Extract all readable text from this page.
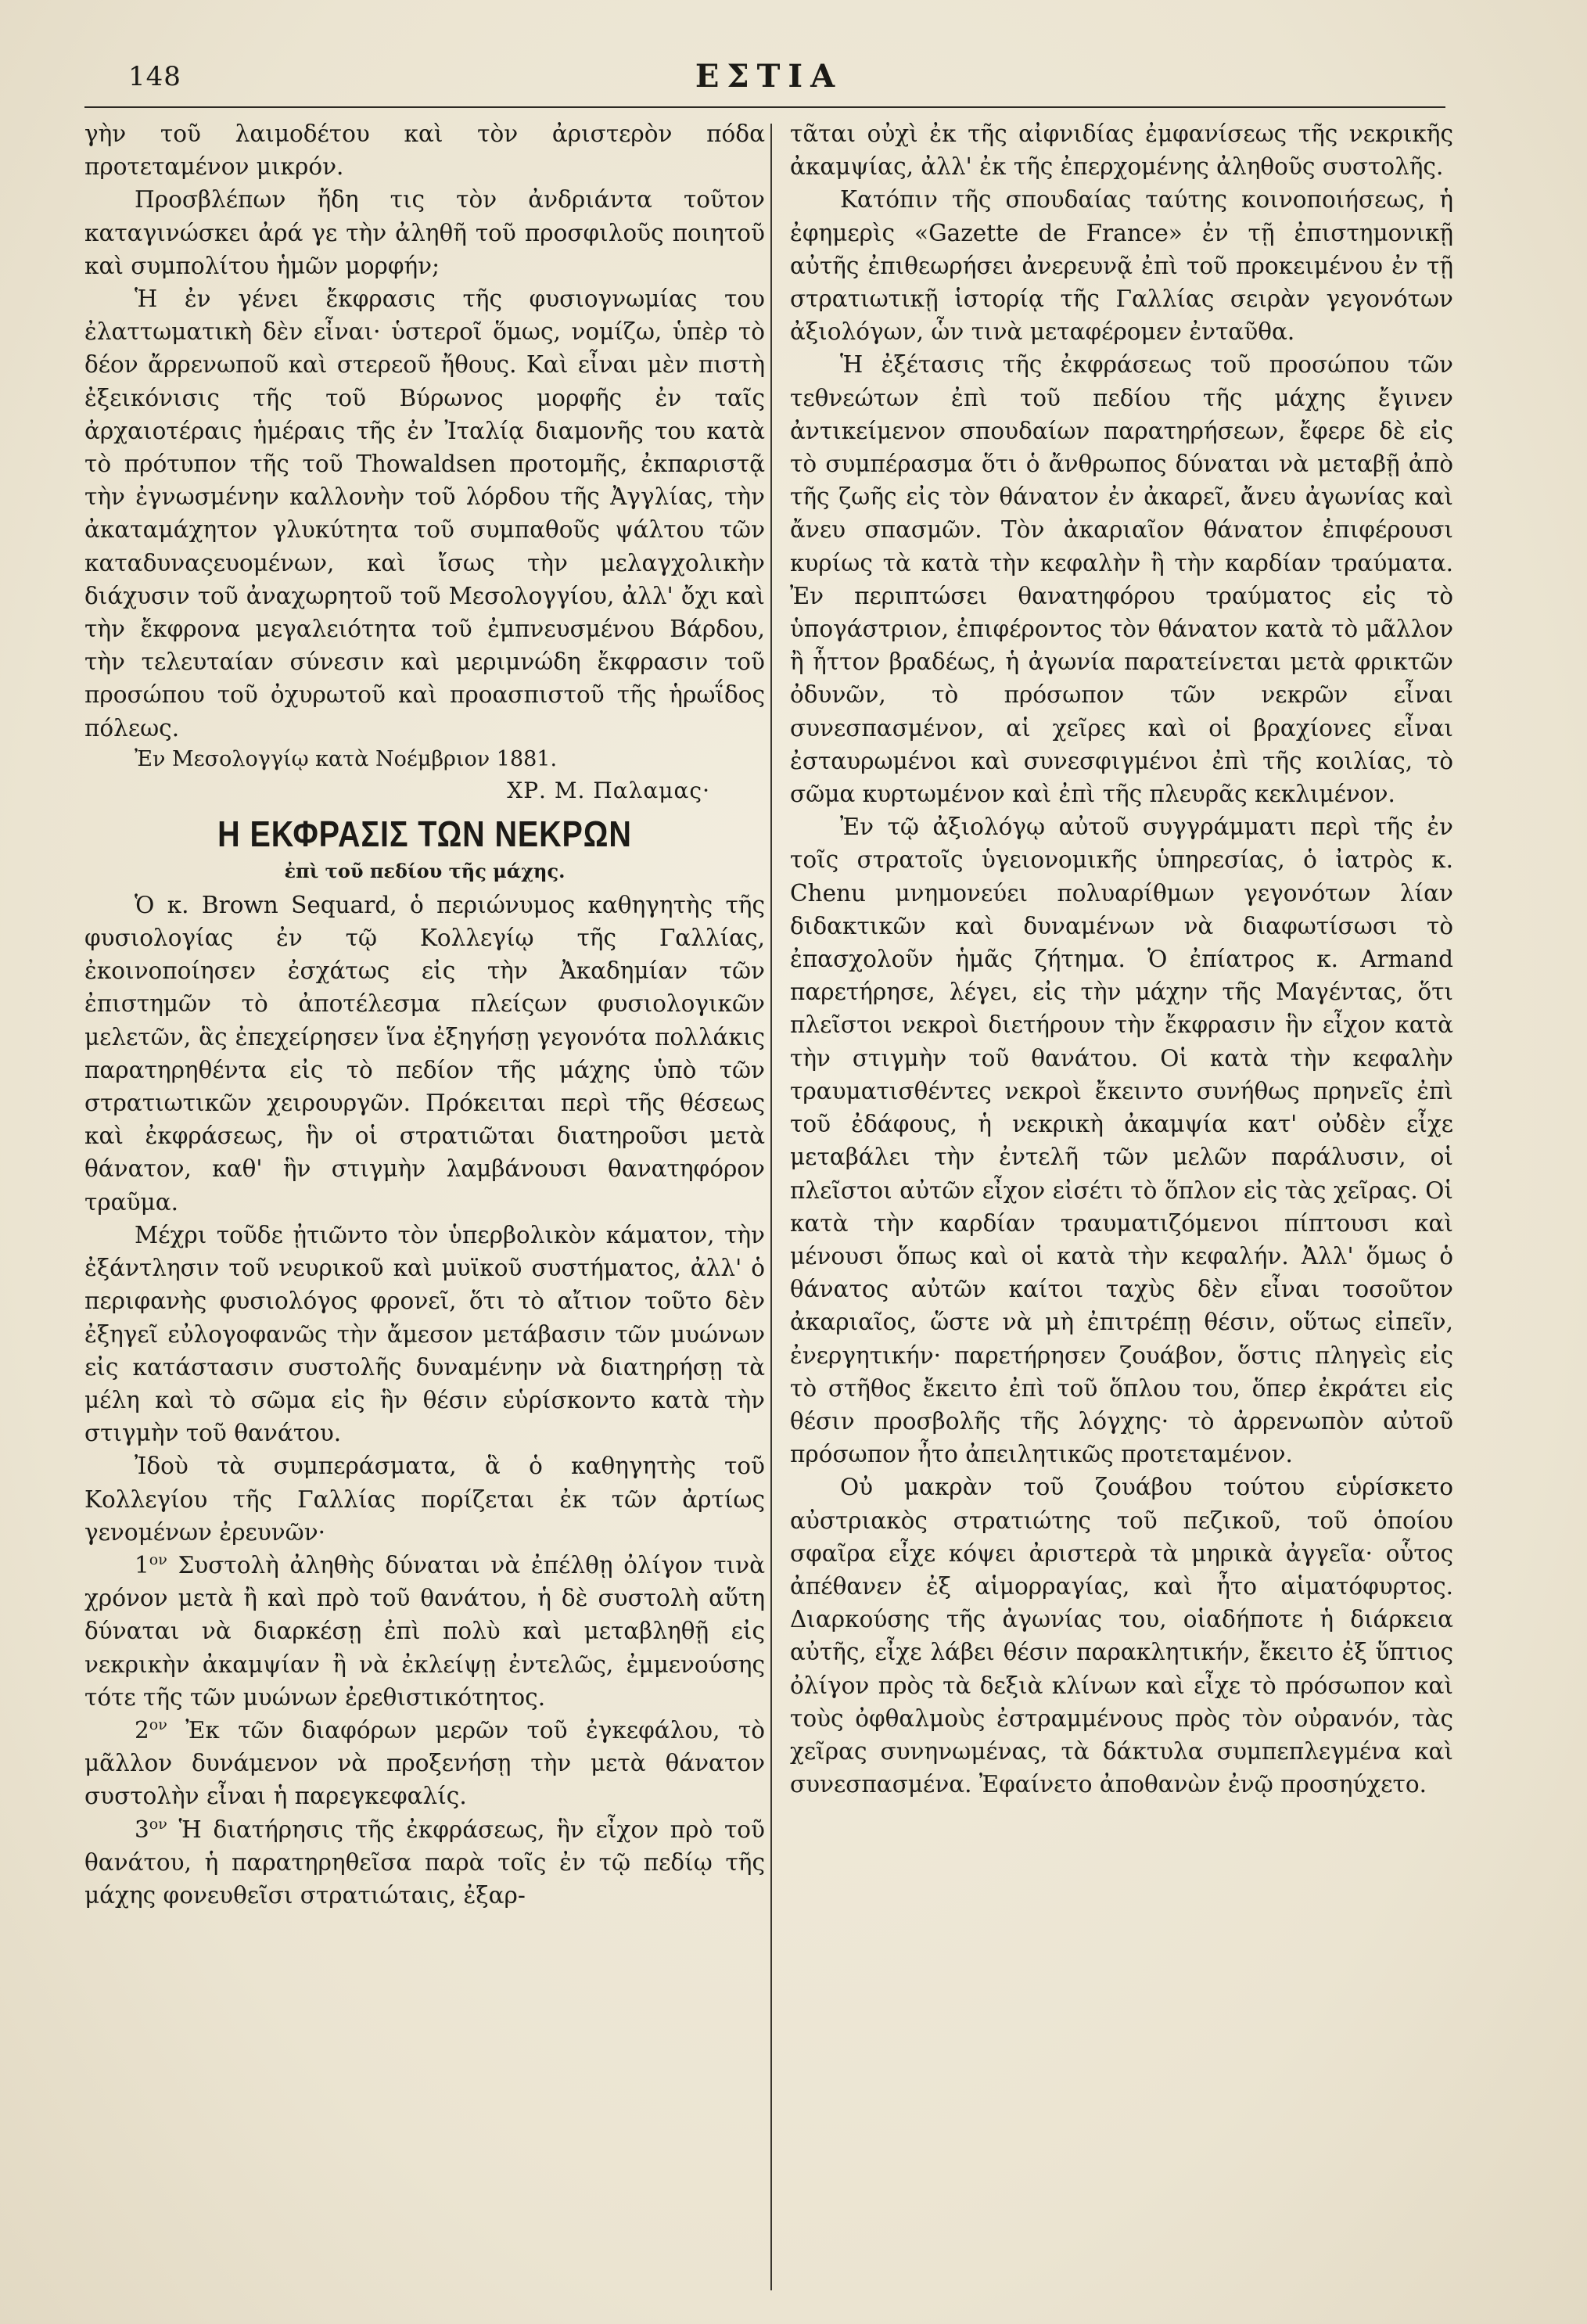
148	ΕΣΤΙΑ

γὴν τοῦ λαιμοδέτου καὶ τὸν ἀριστερὸν πόδα προτεταμένον μικρόν.

Προσβλέπων ἤδη τις τὸν ἀνδριάντα τοῦτον καταγινώσκει ἀρά γε τὴν ἀληθῆ τοῦ προσφιλοῦς ποιητοῦ καὶ συμπολίτου ἡμῶν μορφήν;

Ἡ ἐν γένει ἔκφρασις τῆς φυσιογνωμίας του ἐλαττωματικὴ δὲν εἶναι· ὑστεροῖ ὅμως, νομίζω, ὑπὲρ τὸ δέον ἄρρενωποῦ καὶ στερεοῦ ἤθους. Καὶ εἶναι μὲν πιστὴ ἐξεικόνισις τῆς τοῦ Βύρωνος μορφῆς ἐν ταῖς ἀρχαιοτέραις ἡμέραις τῆς ἐν Ἰταλίᾳ διαμονῆς του κατὰ τὸ πρότυπον τῆς τοῦ Thowaldsen προτομῆς, ἐκπαριστᾷ τὴν ἐγνωσμένην καλλονὴν τοῦ λόρδου τῆς Ἀγγλίας, τὴν ἀκαταμάχητον γλυκύτητα τοῦ συμπαθοῦς ψάλτου τῶν καταδυναςευομένων, καὶ ἴσως τὴν μελαγχολικὴν διάχυσιν τοῦ ἀναχωρητοῦ τοῦ Μεσολογγίου, ἀλλ' ὄχι καὶ τὴν ἔκφρονα μεγαλειότητα τοῦ ἐμπνευσμένου Βάρδου, τὴν τελευταίαν σύνεσιν καὶ μεριμνώδη ἔκφρασιν τοῦ προσώπου τοῦ ὀχυρωτοῦ καὶ προασπιστοῦ τῆς ἡρωΐδος πόλεως.

Ἐν Μεσολογγίῳ κατὰ Νοέμβριον 1881.

ΧΡ. Μ. Παλαμας·
Η ΕΚΦΡΑΣΙΣ ΤΩΝ ΝΕΚΡΩΝ
ἐπὶ τοῦ πεδίου τῆς μάχης.

Ὁ κ. Brown Sequard, ὁ περιώνυμος καθηγητὴς τῆς φυσιολογίας ἐν τῷ Κολλεγίῳ τῆς Γαλλίας, ἐκοινοποίησεν ἐσχάτως εἰς τὴν Ἀκαδημίαν τῶν ἐπιστημῶν τὸ ἀποτέλεσμα πλείςων φυσιολογικῶν μελετῶν, ἃς ἐπεχείρησεν ἵνα ἐξηγήσῃ γεγονότα πολλάκις παρατηρηθέντα εἰς τὸ πεδίον τῆς μάχης ὑπὸ τῶν στρατιωτικῶν χειρουργῶν. Πρόκειται περὶ τῆς θέσεως καὶ ἐκφράσεως, ἣν οἱ στρατιῶται διατηροῦσι μετὰ θάνατον, καθ' ἣν στιγμὴν λαμβάνουσι θανατηφόρον τραῦμα.

Μέχρι τοῦδε ᾐτιῶντο τὸν ὑπερβολικὸν κάματον, τὴν ἐξάντλησιν τοῦ νευρικοῦ καὶ μυϊκοῦ συστήματος, ἀλλ' ὁ περιφανὴς φυσιολόγος φρονεῖ, ὅτι τὸ αἴτιον τοῦτο δὲν ἐξηγεῖ εὐλογοφανῶς τὴν ἄμεσον μετάβασιν τῶν μυώνων εἰς κατάστασιν συστολῆς δυναμένην νὰ διατηρήσῃ τὰ μέλη καὶ τὸ σῶμα εἰς ἣν θέσιν εὑρίσκοντο κατὰ τὴν στιγμὴν τοῦ θανάτου.

Ἰδοὺ τὰ συμπεράσματα, ἃ ὁ καθηγητὴς τοῦ Κολλεγίου τῆς Γαλλίας πορίζεται ἐκ τῶν ἀρτίως γενομένων ἐρευνῶν·

$1^{o\nu}$ Συστολὴ ἀληθὴς δύναται νὰ ἐπέλθῃ ὀλίγον τινὰ χρόνον μετὰ ἢ καὶ πρὸ τοῦ θανάτου, ἡ δὲ συστολὴ αὕτη δύναται νὰ διαρκέσῃ ἐπὶ πολὺ καὶ μεταβληθῇ εἰς νεκρικὴν ἀκαμψίαν ἢ νὰ ἐκλείψῃ ἐντελῶς, ἐμμενούσης τότε τῆς τῶν μυώνων ἐρεθιστικότητος.

$2^{o\nu}$ Ἐκ τῶν διαφόρων μερῶν τοῦ ἐγκεφάλου, τὸ μᾶλλον δυνάμενον νὰ προξενήσῃ τὴν μετὰ θάνατον συστολὴν εἶναι ἡ παρεγκεφαλίς.

$3^{o\nu}$ Ἡ διατήρησις τῆς ἐκφράσεως, ἣν εἶχον πρὸ τοῦ θανάτου, ἡ παρατηρηθεῖσα παρὰ τοῖς ἐν τῷ πεδίῳ τῆς μάχης φονευθεῖσι στρατιώταις, ἐξαρ-

τᾶται οὐχὶ ἐκ τῆς αἰφνιδίας ἐμφανίσεως τῆς νεκρικῆς ἀκαμψίας, ἀλλ' ἐκ τῆς ἐπερχομένης ἀληθοῦς συστολῆς.

Κατόπιν τῆς σπουδαίας ταύτης κοινοποιήσεως, ἡ ἐφημερὶς «Gazette de France» ἐν τῇ ἐπιστημονικῇ αὐτῆς ἐπιθεωρήσει ἀνερευνᾷ ἐπὶ τοῦ προκειμένου ἐν τῇ στρατιωτικῇ ἱστορίᾳ τῆς Γαλλίας σειρὰν γεγονότων ἀξιολόγων, ὧν τινὰ μεταφέρομεν ἐνταῦθα.

Ἡ ἐξέτασις τῆς ἐκφράσεως τοῦ προσώπου τῶν τεθνεώτων ἐπὶ τοῦ πεδίου τῆς μάχης ἔγινεν ἀντικείμενον σπουδαίων παρατηρήσεων, ἔφερε δὲ εἰς τὸ συμπέρασμα ὅτι ὁ ἄνθρωπος δύναται νὰ μεταβῇ ἀπὸ τῆς ζωῆς εἰς τὸν θάνατον ἐν ἀκαρεῖ, ἄνευ ἀγωνίας καὶ ἄνευ σπασμῶν. Τὸν ἀκαριαῖον θάνατον ἐπιφέρουσι κυρίως τὰ κατὰ τὴν κεφαλὴν ἢ τὴν καρδίαν τραύματα. Ἐν περιπτώσει θανατηφόρου τραύματος εἰς τὸ ὑπογάστριον, ἐπιφέροντος τὸν θάνατον κατὰ τὸ μᾶλλον ἢ ἧττον βραδέως, ἡ ἀγωνία παρατείνεται μετὰ φρικτῶν ὀδυνῶν, τὸ πρόσωπον τῶν νεκρῶν εἶναι συνεσπασμένον, αἱ χεῖρες καὶ οἱ βραχίονες εἶναι ἐσταυρωμένοι καὶ συνεσφιγμένοι ἐπὶ τῆς κοιλίας, τὸ σῶμα κυρτωμένον καὶ ἐπὶ τῆς πλευρᾶς κεκλιμένον.

Ἐν τῷ ἀξιολόγῳ αὐτοῦ συγγράμματι περὶ τῆς ἐν τοῖς στρατοῖς ὑγειονομικῆς ὑπηρεσίας, ὁ ἰατρὸς κ. Chenu μνημονεύει πολυαρίθμων γεγονότων λίαν διδακτικῶν καὶ δυναμένων νὰ διαφωτίσωσι τὸ ἐπασχολοῦν ἡμᾶς ζήτημα. Ὁ ἐπίατρος κ. Armand παρετήρησε, λέγει, εἰς τὴν μάχην τῆς Μαγέντας, ὅτι πλεῖστοι νεκροὶ διετήρουν τὴν ἔκφρασιν ἣν εἶχον κατὰ τὴν στιγμὴν τοῦ θανάτου. Οἱ κατὰ τὴν κεφαλὴν τραυματισθέντες νεκροὶ ἔκειντο συνήθως πρηνεῖς ἐπὶ τοῦ ἐδάφους, ἡ νεκρικὴ ἀκαμψία κατ' οὐδὲν εἶχε μεταβάλει τὴν ἐντελῆ τῶν μελῶν παράλυσιν, οἱ πλεῖστοι αὐτῶν εἶχον εἰσέτι τὸ ὅπλον εἰς τὰς χεῖρας. Οἱ κατὰ τὴν καρδίαν τραυματιζόμενοι πίπτουσι καὶ μένουσι ὅπως καὶ οἱ κατὰ τὴν κεφαλήν. Ἀλλ' ὅμως ὁ θάνατος αὐτῶν καίτοι ταχὺς δὲν εἶναι τοσοῦτον ἀκαριαῖος, ὥστε νὰ μὴ ἐπιτρέπῃ θέσιν, οὕτως εἰπεῖν, ἐνεργητικήν· παρετήρησεν ζουάβον, ὅστις πληγεὶς εἰς τὸ στῆθος ἔκειτο ἐπὶ τοῦ ὅπλου του, ὅπερ ἐκράτει εἰς θέσιν προσβολῆς τῆς λόγχης· τὸ ἀρρενωπὸν αὐτοῦ πρόσωπον ἦτο ἀπειλητικῶς προτεταμένον.

Οὐ μακρὰν τοῦ ζουάβου τούτου εὑρίσκετο αὐστριακὸς στρατιώτης τοῦ πεζικοῦ, τοῦ ὁποίου σφαῖρα εἶχε κόψει ἀριστερὰ τὰ μηρικὰ ἀγγεῖα· οὗτος ἀπέθανεν ἐξ αἱμορραγίας, καὶ ἦτο αἱματόφυρτος. Διαρκούσης τῆς ἀγωνίας του, οἱαδήποτε ἡ διάρκεια αὐτῆς, εἶχε λάβει θέσιν παρακλητικήν, ἔκειτο ἐξ ὕπτιος ὀλίγον πρὸς τὰ δεξιὰ κλίνων καὶ εἶχε τὸ πρόσωπον καὶ τοὺς ὀφθαλμοὺς ἐστραμμένους πρὸς τὸν οὐρανόν, τὰς χεῖρας συνηνωμένας, τὰ δάκτυλα συμπεπλεγμένα καὶ συνεσπασμένα. Ἐφαίνετο ἀποθανὼν ἐνῷ προσηύχετο.
